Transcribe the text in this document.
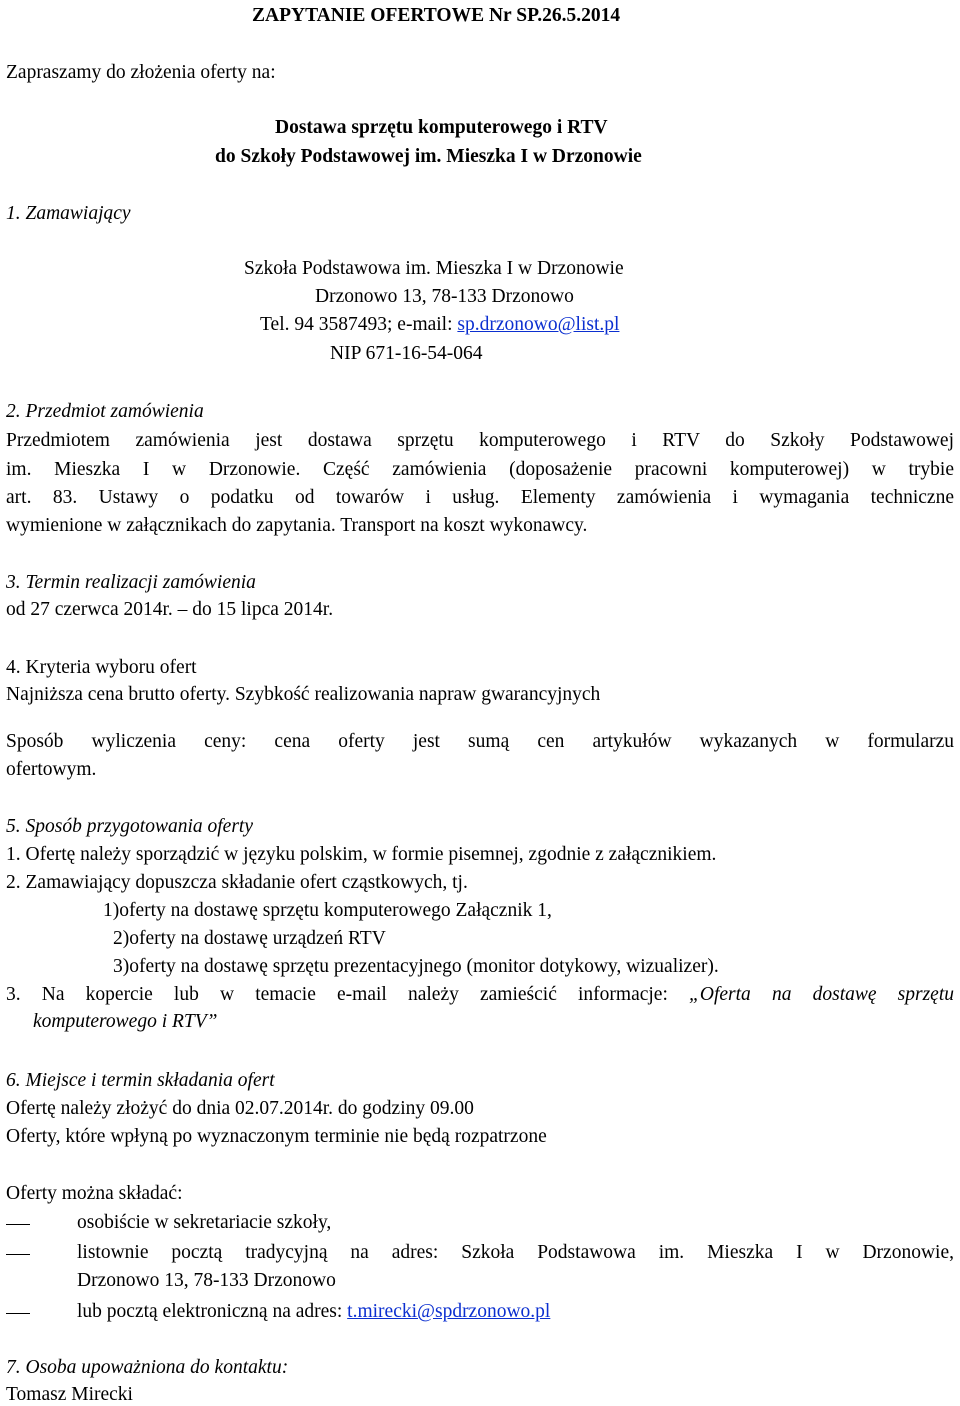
ZAPYTANIE OFERTOWE Nr SP.26.5.2014
Zapraszamy do złożenia oferty na:
Dostawa sprzętu komputerowego i RTV
do Szkoły Podstawowej im. Mieszka I w Drzonowie
1. Zamawiający
Szkoła Podstawowa im. Mieszka I w Drzonowie
Drzonowo 13, 78-133 Drzonowo
Tel. 94 3587493; e-mail: sp.drzonowo@list.pl
NIP 671-16-54-064
2. Przedmiot zamówienia
Przedmiotem zamówienia jest dostawa sprzętu komputerowego i RTV do Szkoły Podstawowej
im. Mieszka I w Drzonowie. Część zamówienia (doposażenie pracowni komputerowej) w trybie
art. 83. Ustawy o podatku od towarów i usług. Elementy zamówienia i wymagania techniczne
wymienione w załącznikach do zapytania. Transport na koszt wykonawcy.
3. Termin realizacji zamówienia
od 27 czerwca 2014r. – do 15 lipca 2014r.
4. Kryteria wyboru ofert
Najniższa cena brutto oferty. Szybkość realizowania napraw gwarancyjnych
Sposób wyliczenia ceny: cena oferty jest sumą cen artykułów wykazanych w formularzu
ofertowym.
5. Sposób przygotowania oferty
1. Ofertę należy sporządzić w języku polskim, w formie pisemnej, zgodnie z załącznikiem.
2. Zamawiający dopuszcza składanie ofert cząstkowych, tj.
1)oferty na dostawę sprzętu komputerowego Załącznik 1,
2)oferty na dostawę urządzeń RTV
3)oferty na dostawę sprzętu prezentacyjnego (monitor dotykowy, wizualizer).
3. Na kopercie lub w temacie e-mail należy zamieścić informacje: „Oferta na dostawę sprzętu
komputerowego i RTV”
6. Miejsce i termin składania ofert
Ofertę należy złożyć do dnia 02.07.2014r. do godziny 09.00
Oferty, które wpłyną po wyznaczonym terminie nie będą rozpatrzone
Oferty można składać:
osobiście w sekretariacie szkoły,
listownie pocztą tradycyjną na adres: Szkoła Podstawowa im. Mieszka I w Drzonowie,
Drzonowo 13, 78-133 Drzonowo
lub pocztą elektroniczną na adres: t.mirecki@spdrzonowo.pl
7. Osoba upoważniona do kontaktu:
Tomasz Mirecki
